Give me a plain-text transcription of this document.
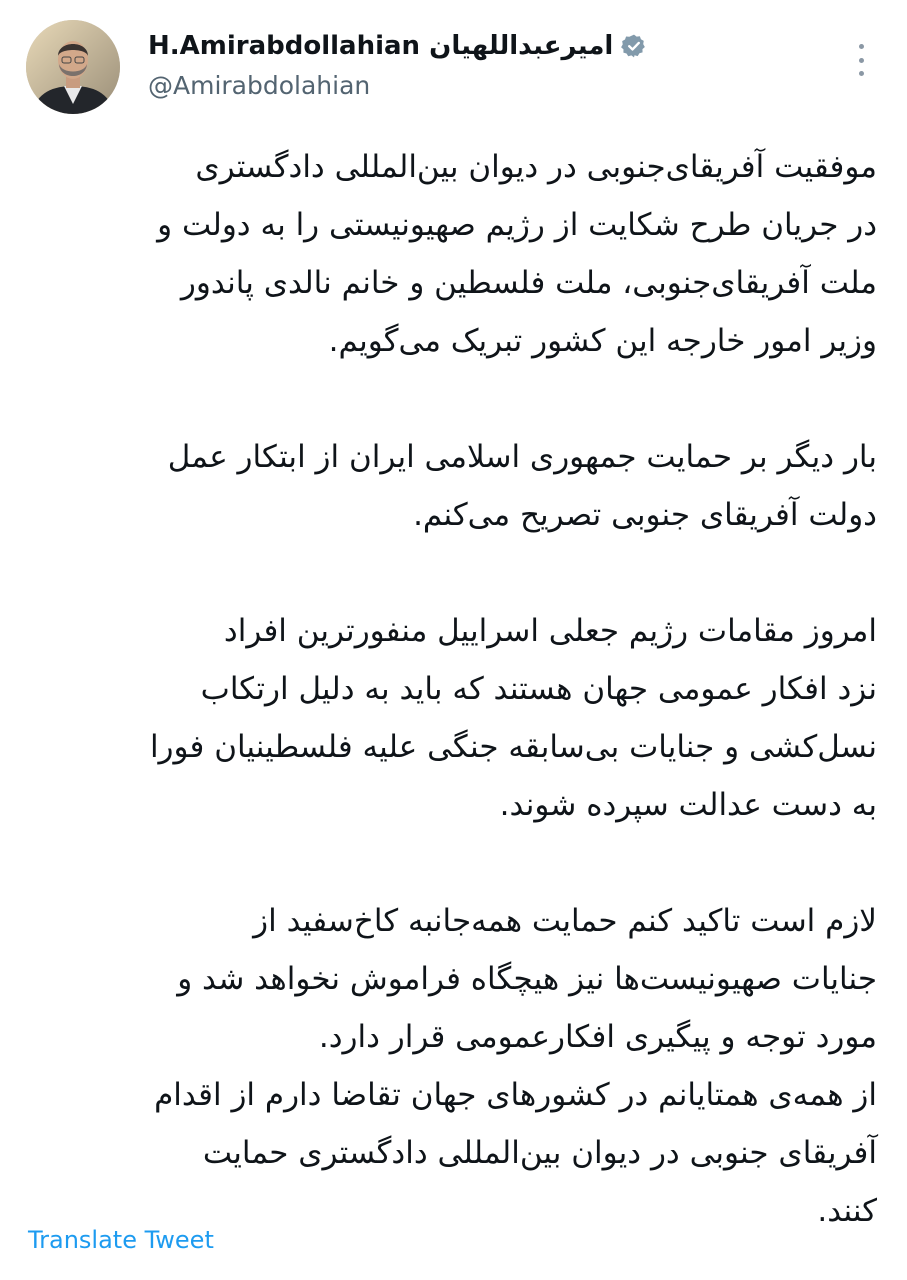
H.Amirabdollahian امیرعبداللهیان
@Amirabdolahian
موفقیت آفریقای‌جنوبی در دیوان بین‌المللی دادگستری
در جریان طرح شکایت از رژیم صهیونیستی را به دولت و
ملت آفریقای‌جنوبی، ملت فلسطین و خانم نالدی پاندور
وزیر امور خارجه این کشور تبریک می‌گویم.
بار دیگر بر حمایت جمهوری اسلامی ایران از ابتکار عمل
دولت آفریقای جنوبی تصریح می‌کنم.
امروز مقامات رژیم جعلی اسراییل منفورترین افراد
نزد افکار عمومی جهان هستند که باید به دلیل ارتکاب
نسل‌کشی و جنایات بی‌سابقه جنگی علیه فلسطینیان فورا
به دست عدالت سپرده شوند.
لازم است تاکید کنم حمایت همه‌جانبه کاخ‌سفید از
جنایات صهیونیست‌ها نیز هیچگاه فراموش نخواهد شد و
مورد توجه و پیگیری افکارعمومی قرار دارد.
از همه‌ی همتایانم در کشورهای جهان تقاضا دارم از اقدام
آفریقای جنوبی در دیوان بین‌المللی دادگستری حمایت
کنند.
Translate Tweet
